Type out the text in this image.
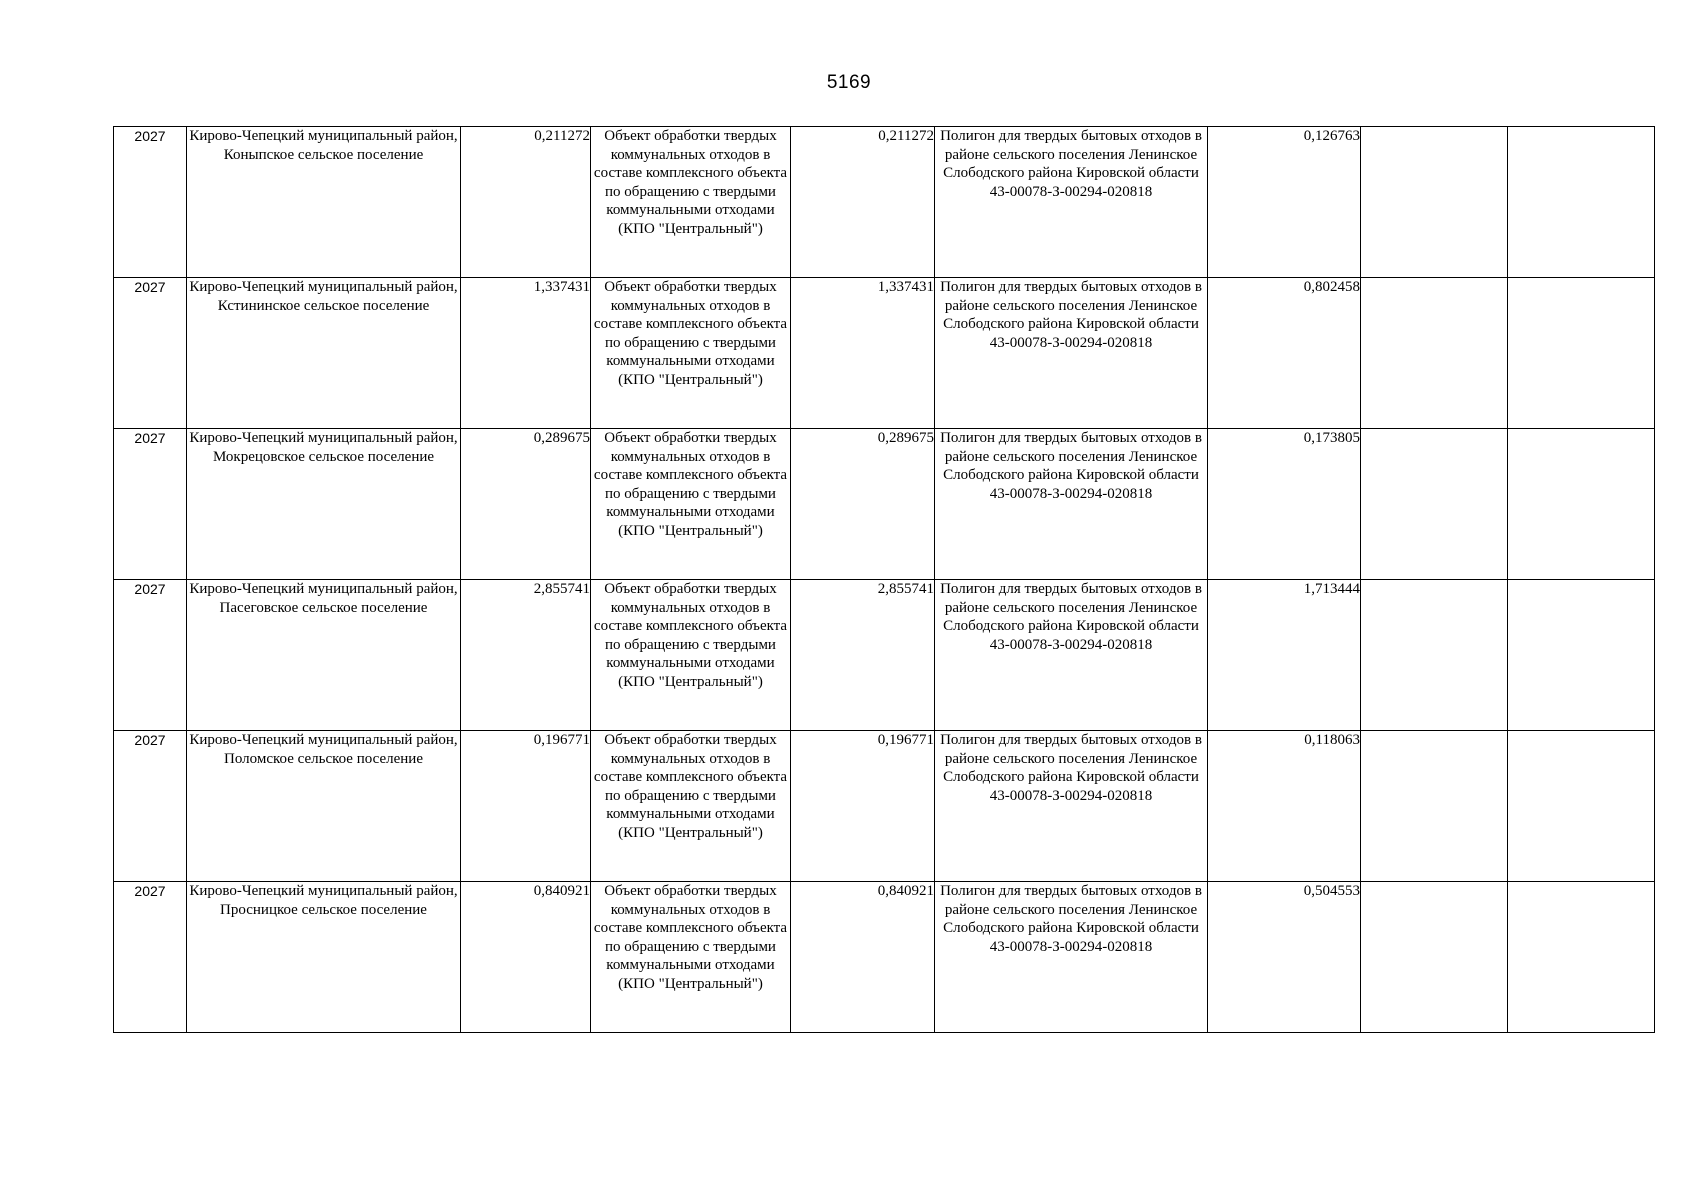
5169
2027	Кирово-Чепецкий муниципальный район, Коныпское сельское поселение	0,211272	Объект обработки твердых коммунальных отходов в составе комплексного объекта по обращению с твердыми коммунальными отходами (КПО "Центральный")	0,211272	Полигон для твердых бытовых отходов в районе сельского поселения Ленинское Слободского района Кировской области 43-00078-З-00294-020818	0,126763		
2027	Кирово-Чепецкий муниципальный район, Кстининское сельское поселение	1,337431	Объект обработки твердых коммунальных отходов в составе комплексного объекта по обращению с твердыми коммунальными отходами (КПО "Центральный")	1,337431	Полигон для твердых бытовых отходов в районе сельского поселения Ленинское Слободского района Кировской области 43-00078-З-00294-020818	0,802458		
2027	Кирово-Чепецкий муниципальный район, Мокрецовское сельское поселение	0,289675	Объект обработки твердых коммунальных отходов в составе комплексного объекта по обращению с твердыми коммунальными отходами (КПО "Центральный")	0,289675	Полигон для твердых бытовых отходов в районе сельского поселения Ленинское Слободского района Кировской области 43-00078-З-00294-020818	0,173805		
2027	Кирово-Чепецкий муниципальный район, Пасеговское сельское поселение	2,855741	Объект обработки твердых коммунальных отходов в составе комплексного объекта по обращению с твердыми коммунальными отходами (КПО "Центральный")	2,855741	Полигон для твердых бытовых отходов в районе сельского поселения Ленинское Слободского района Кировской области 43-00078-З-00294-020818	1,713444		
2027	Кирово-Чепецкий муниципальный район, Поломское сельское поселение	0,196771	Объект обработки твердых коммунальных отходов в составе комплексного объекта по обращению с твердыми коммунальными отходами (КПО "Центральный")	0,196771	Полигон для твердых бытовых отходов в районе сельского поселения Ленинское Слободского района Кировской области 43-00078-З-00294-020818	0,118063		
2027	Кирово-Чепецкий муниципальный район, Просницкое сельское поселение	0,840921	Объект обработки твердых коммунальных отходов в составе комплексного объекта по обращению с твердыми коммунальными отходами (КПО "Центральный")	0,840921	Полигон для твердых бытовых отходов в районе сельского поселения Ленинское Слободского района Кировской области 43-00078-З-00294-020818	0,504553		
